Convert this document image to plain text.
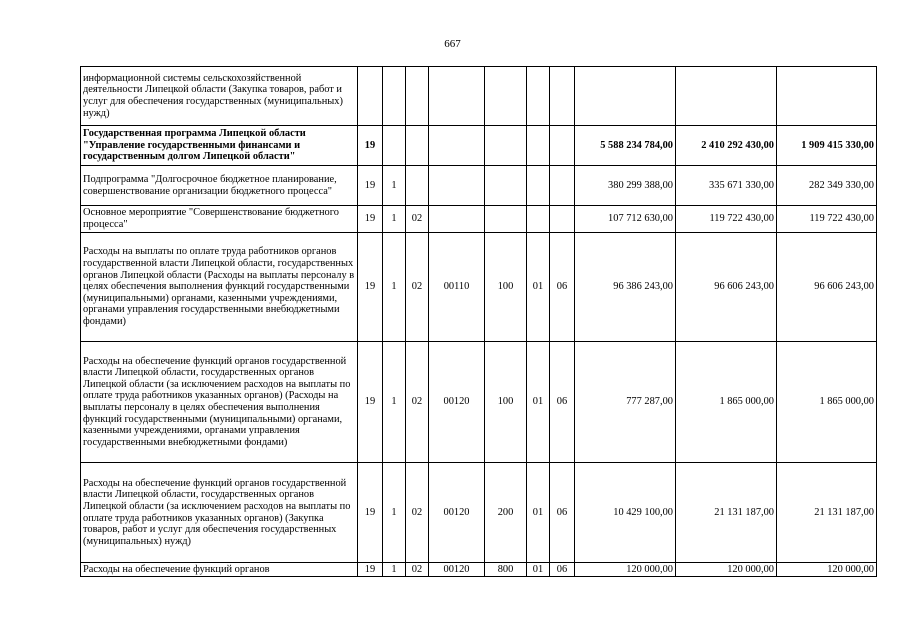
667
информационной системы сельскохозяйственной деятельности Липецкой области (Закупка товаров, работ и услуг для обеспечения государственных (муниципальных) нужд)										
Государственная программа Липецкой области "Управление государственными финансами и государственным долгом Липецкой области"	19							5 588 234 784,00	2 410 292 430,00	1 909 415 330,00
Подпрограмма "Долгосрочное бюджетное планирование, совершенствование организации бюджетного процесса"	19	1						380 299 388,00	335 671 330,00	282 349 330,00
Основное мероприятие "Совершенствование бюджетного процесса"	19	1	02					107 712 630,00	119 722 430,00	119 722 430,00
Расходы на выплаты по оплате труда работников органов государственной власти Липецкой области, государственных органов Липецкой области (Расходы на выплаты персоналу в целях обеспечения выполнения функций государственными (муниципальными) органами, казенными учреждениями, органами управления государственными внебюджетными фондами)	19	1	02	00110	100	01	06	96 386 243,00	96 606 243,00	96 606 243,00
Расходы на обеспечение функций органов государственной власти Липецкой области, государственных органов Липецкой области (за исключением расходов на выплаты по оплате труда работников указанных органов) (Расходы на выплаты персоналу в целях обеспечения выполнения функций государственными (муниципальными) органами, казенными учреждениями, органами управления государственными внебюджетными фондами)	19	1	02	00120	100	01	06	777 287,00	1 865 000,00	1 865 000,00
Расходы на обеспечение функций органов государственной власти Липецкой области, государственных органов Липецкой области (за исключением расходов на выплаты по оплате труда работников указанных органов) (Закупка товаров, работ и услуг для обеспечения государственных (муниципальных) нужд)	19	1	02	00120	200	01	06	10 429 100,00	21 131 187,00	21 131 187,00
Расходы на обеспечение функций органов	19	1	02	00120	800	01	06	120 000,00	120 000,00	120 000,00
